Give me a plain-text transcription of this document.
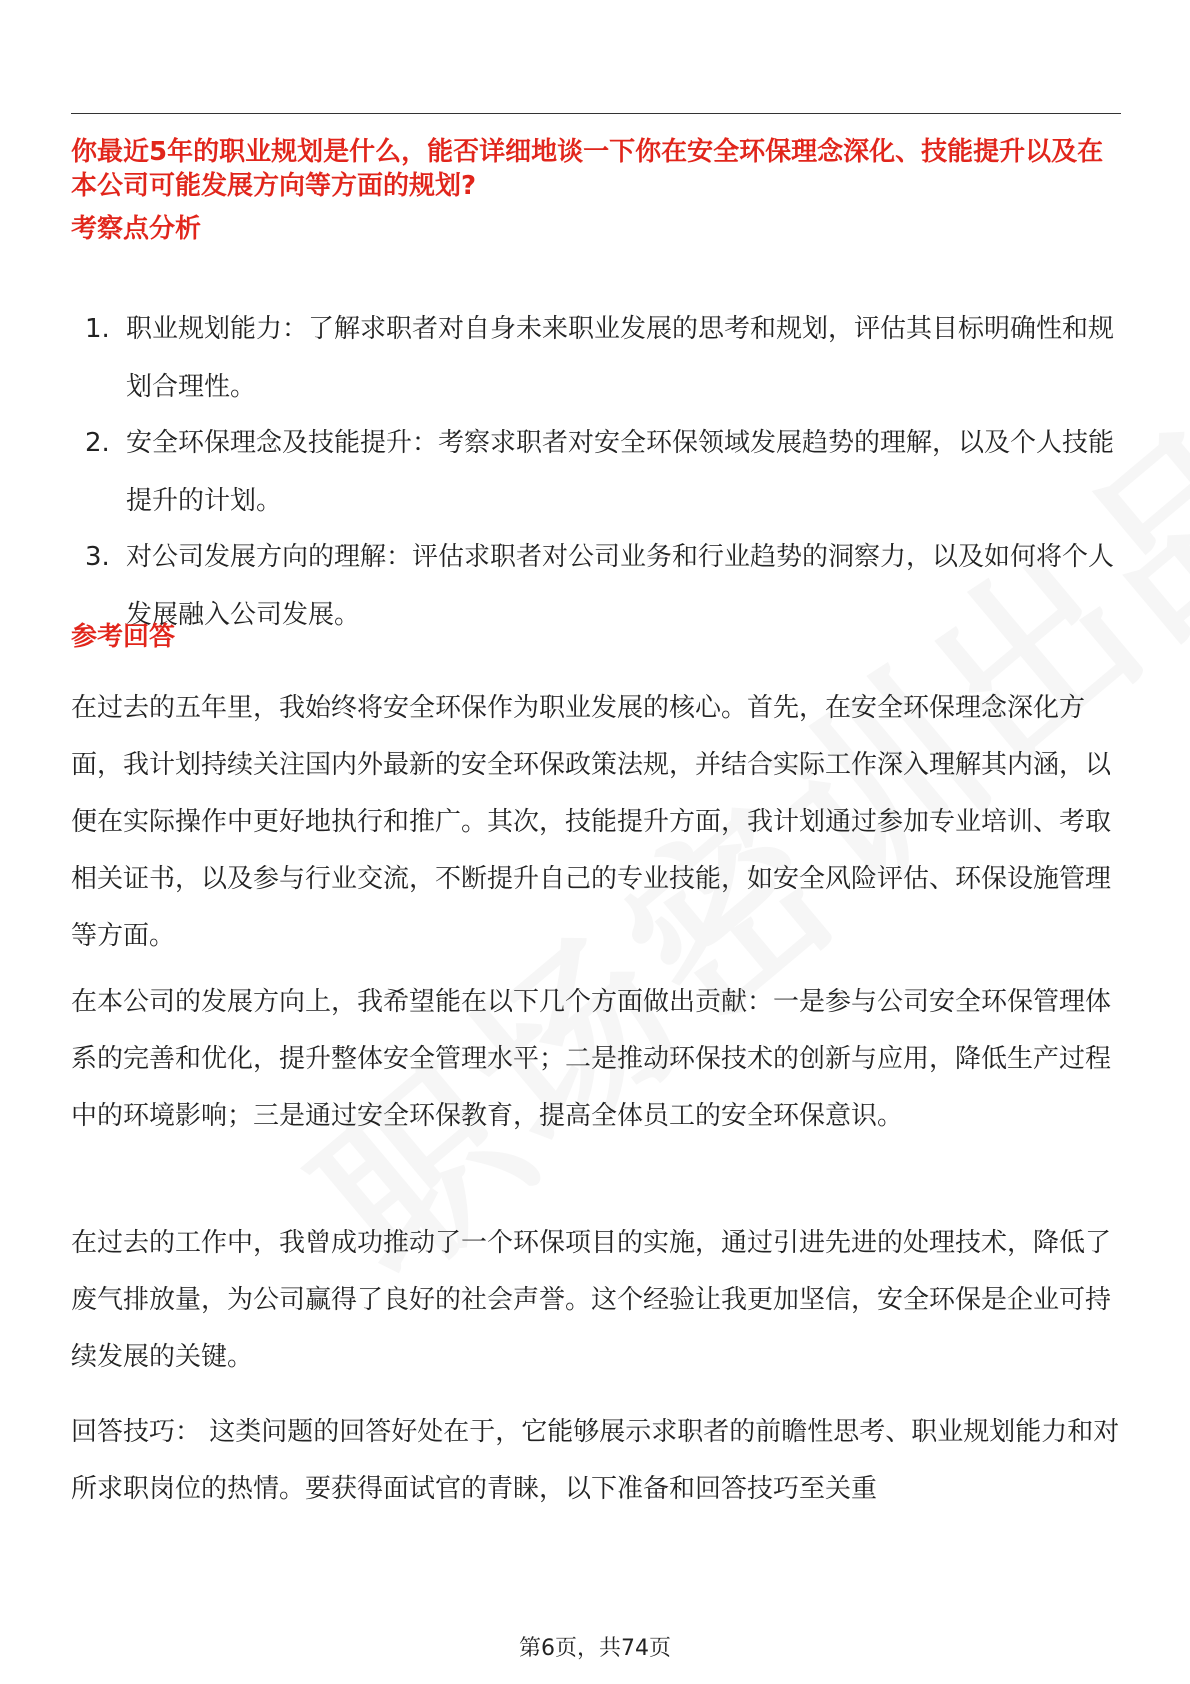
你最近5年的职业规划是什么，能否详细地谈一下你在安全环保理念深化、技能提升以及在本公司可能发展方向等方面的规划?
考察点分析
1. 职业规划能力：了解求职者对自身未来职业发展的思考和规划，评估其目标明确性和规划合理性。
2. 安全环保理念及技能提升：考察求职者对安全环保领域发展趋势的理解，以及个人技能提升的计划。
3. 对公司发展方向的理解：评估求职者对公司业务和行业趋势的洞察力，以及如何将个人发展融入公司发展。
参考回答

在过去的五年里，我始终将安全环保作为职业发展的核心。首先，在安全环保理念深化方面，我计划持续关注国内外最新的安全环保政策法规，并结合实际工作深入理解其内涵，以便在实际操作中更好地执行和推广。其次，技能提升方面，我计划通过参加专业培训、考取相关证书，以及参与行业交流，不断提升自己的专业技能，如安全风险评估、环保设施管理等方面。

在本公司的发展方向上，我希望能在以下几个方面做出贡献：一是参与公司安全环保管理体系的完善和优化，提升整体安全管理水平；二是推动环保技术的创新与应用，降低生产过程中的环境影响；三是通过安全环保教育，提高全体员工的安全环保意识。

在过去的工作中，我曾成功推动了一个环保项目的实施，通过引进先进的处理技术，降低了废气排放量，为公司赢得了良好的社会声誉。这个经验让我更加坚信，安全环保是企业可持续发展的关键。

回答技巧： 这类问题的回答好处在于，它能够展示求职者的前瞻性思考、职业规划能力和对所求职岗位的热情。要获得面试官的青睐，以下准备和回答技巧至关重

第6页，共74页
